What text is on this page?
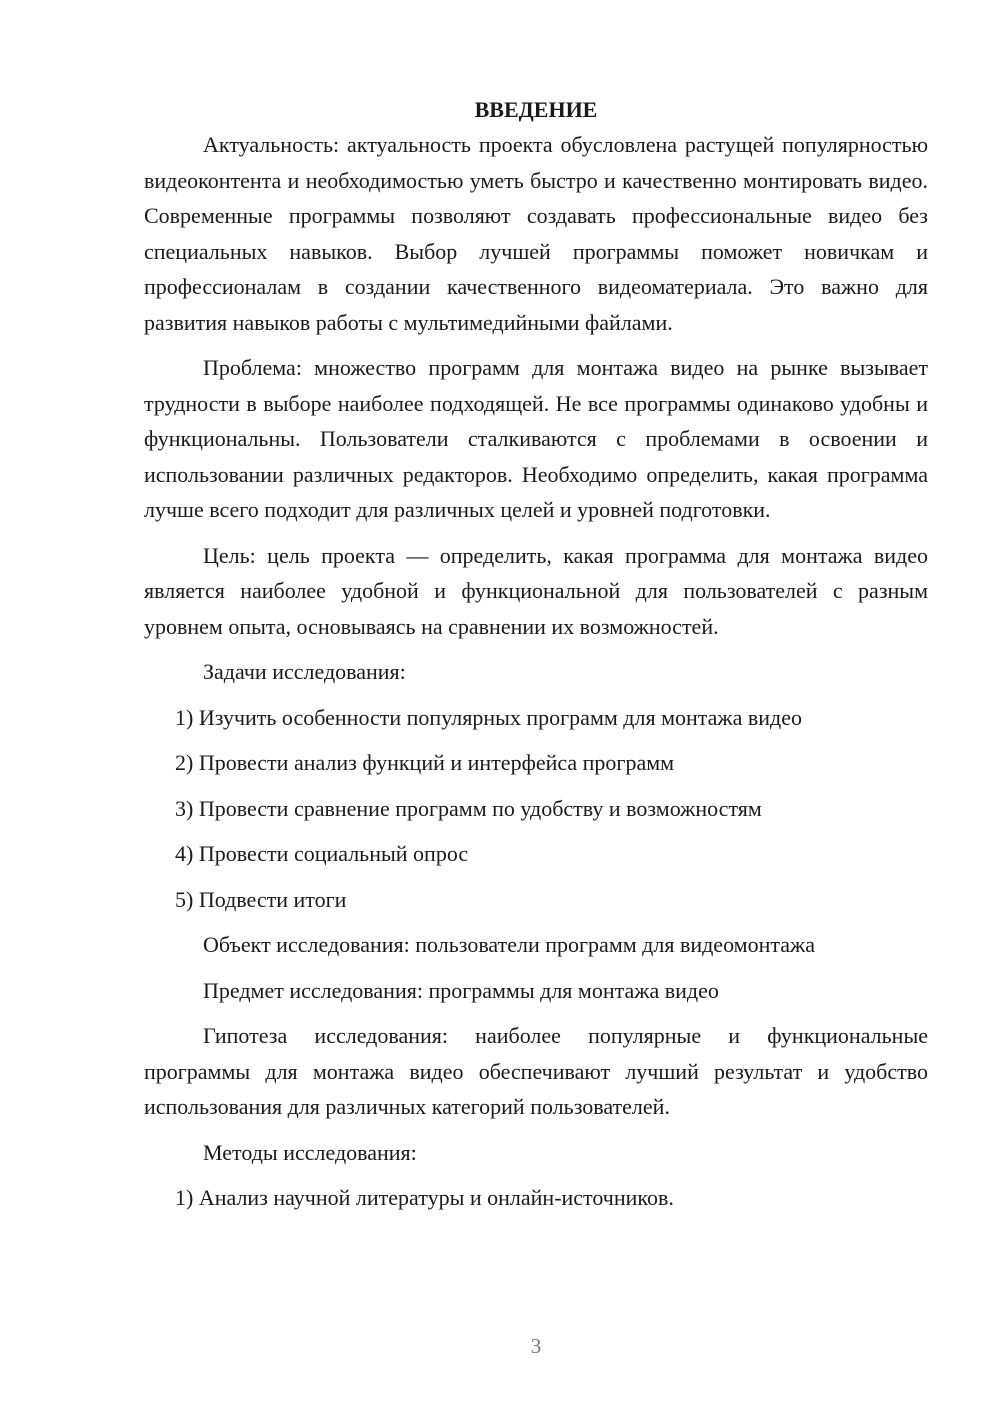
ВВЕДЕНИЕ

Актуальность: актуальность проекта обусловлена растущей популярностью видеоконтента и необходимостью уметь быстро и качественно монтировать видео. Современные программы позволяют создавать профессиональные видео без специальных навыков. Выбор лучшей программы поможет новичкам и профессионалам в создании качественного видеоматериала. Это важно для развития навыков работы с мультимедийными файлами.

Проблема: множество программ для монтажа видео на рынке вызывает трудности в выборе наиболее подходящей. Не все программы одинаково удобны и функциональны. Пользователи сталкиваются с проблемами в освоении и использовании различных редакторов. Необходимо определить, какая программа лучше всего подходит для различных целей и уровней подготовки.

Цель: цель проекта — определить, какая программа для монтажа видео является наиболее удобной и функциональной для пользователей с разным уровнем опыта, основываясь на сравнении их возможностей.

Задачи исследования:

1) Изучить особенности популярных программ для монтажа видео

2) Провести анализ функций и интерфейса программ

3) Провести сравнение программ по удобству и возможностям

4) Провести социальный опрос

5) Подвести итоги

Объект исследования: пользователи программ для видеомонтажа

Предмет исследования: программы для монтажа видео

Гипотеза исследования: наиболее популярные и функциональные программы для монтажа видео обеспечивают лучший результат и удобство использования для различных категорий пользователей.

Методы исследования:

1) Анализ научной литературы и онлайн-источников.

3
